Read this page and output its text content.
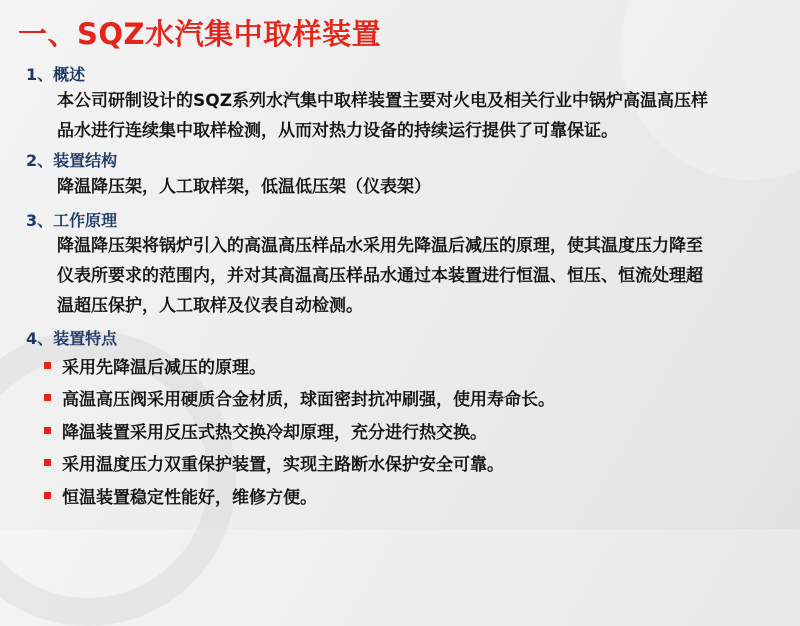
一、SQZ水汽集中取样装置
1、概述
本公司研制设计的SQZ系列水汽集中取样装置主要对火电及相关行业中锅炉高温高压样
品水进行连续集中取样检测，从而对热力设备的持续运行提供了可靠保证。
2、装置结构
降温降压架，人工取样架，低温低压架（仪表架）
3、工作原理
降温降压架将锅炉引入的高温高压样品水采用先降温后减压的原理，使其温度压力降至
仪表所要求的范围内，并对其高温高压样品水通过本装置进行恒温、恒压、恒流处理超
温超压保护，人工取样及仪表自动检测。
4、装置特点
采用先降温后减压的原理。
高温高压阀采用硬质合金材质，球面密封抗冲刷强，使用寿命长。
降温装置采用反压式热交换冷却原理，充分进行热交换。
采用温度压力双重保护装置，实现主路断水保护安全可靠。
恒温装置稳定性能好，维修方便。
